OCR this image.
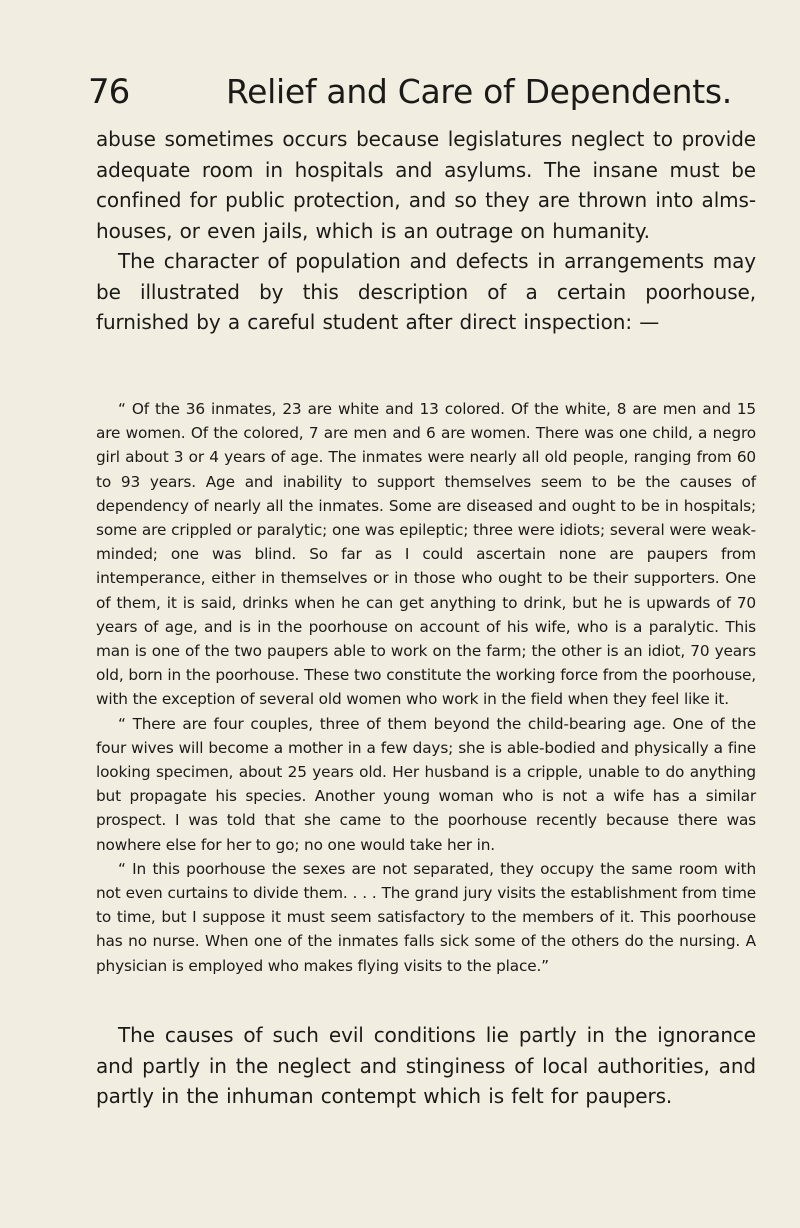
76	Relief and Care of Dependents.

abuse sometimes occurs because legislatures neglect to provide adequate room in hospitals and asylums. The insane must be confined for public protection, and so they are thrown into alms-houses, or even jails, which is an outrage on humanity.

The character of population and defects in arrangements may be illustrated by this description of a certain poorhouse, furnished by a careful student after direct inspection: —

“ Of the 36 inmates, 23 are white and 13 colored. Of the white, 8 are men and 15 are women. Of the colored, 7 are men and 6 are women. There was one child, a negro girl about 3 or 4 years of age. The inmates were nearly all old people, ranging from 60 to 93 years. Age and inability to support themselves seem to be the causes of dependency of nearly all the inmates. Some are diseased and ought to be in hospitals; some are crippled or paralytic; one was epileptic; three were idiots; several were weak-minded; one was blind. So far as I could ascertain none are paupers from intemperance, either in themselves or in those who ought to be their supporters. One of them, it is said, drinks when he can get anything to drink, but he is upwards of 70 years of age, and is in the poorhouse on account of his wife, who is a paralytic. This man is one of the two paupers able to work on the farm; the other is an idiot, 70 years old, born in the poorhouse. These two constitute the working force from the poorhouse, with the exception of several old women who work in the field when they feel like it.

“ There are four couples, three of them beyond the child-bearing age. One of the four wives will become a mother in a few days; she is able-bodied and physically a fine looking specimen, about 25 years old. Her husband is a cripple, unable to do anything but propagate his species. Another young woman who is not a wife has a similar prospect. I was told that she came to the poorhouse recently because there was nowhere else for her to go; no one would take her in.

“ In this poorhouse the sexes are not separated, they occupy the same room with not even curtains to divide them. . . . The grand jury visits the establishment from time to time, but I suppose it must seem satisfactory to the members of it. This poorhouse has no nurse. When one of the inmates falls sick some of the others do the nursing. A physician is employed who makes flying visits to the place.”

The causes of such evil conditions lie partly in the ignorance and partly in the neglect and stinginess of local authorities, and partly in the inhuman contempt which is felt for paupers.
